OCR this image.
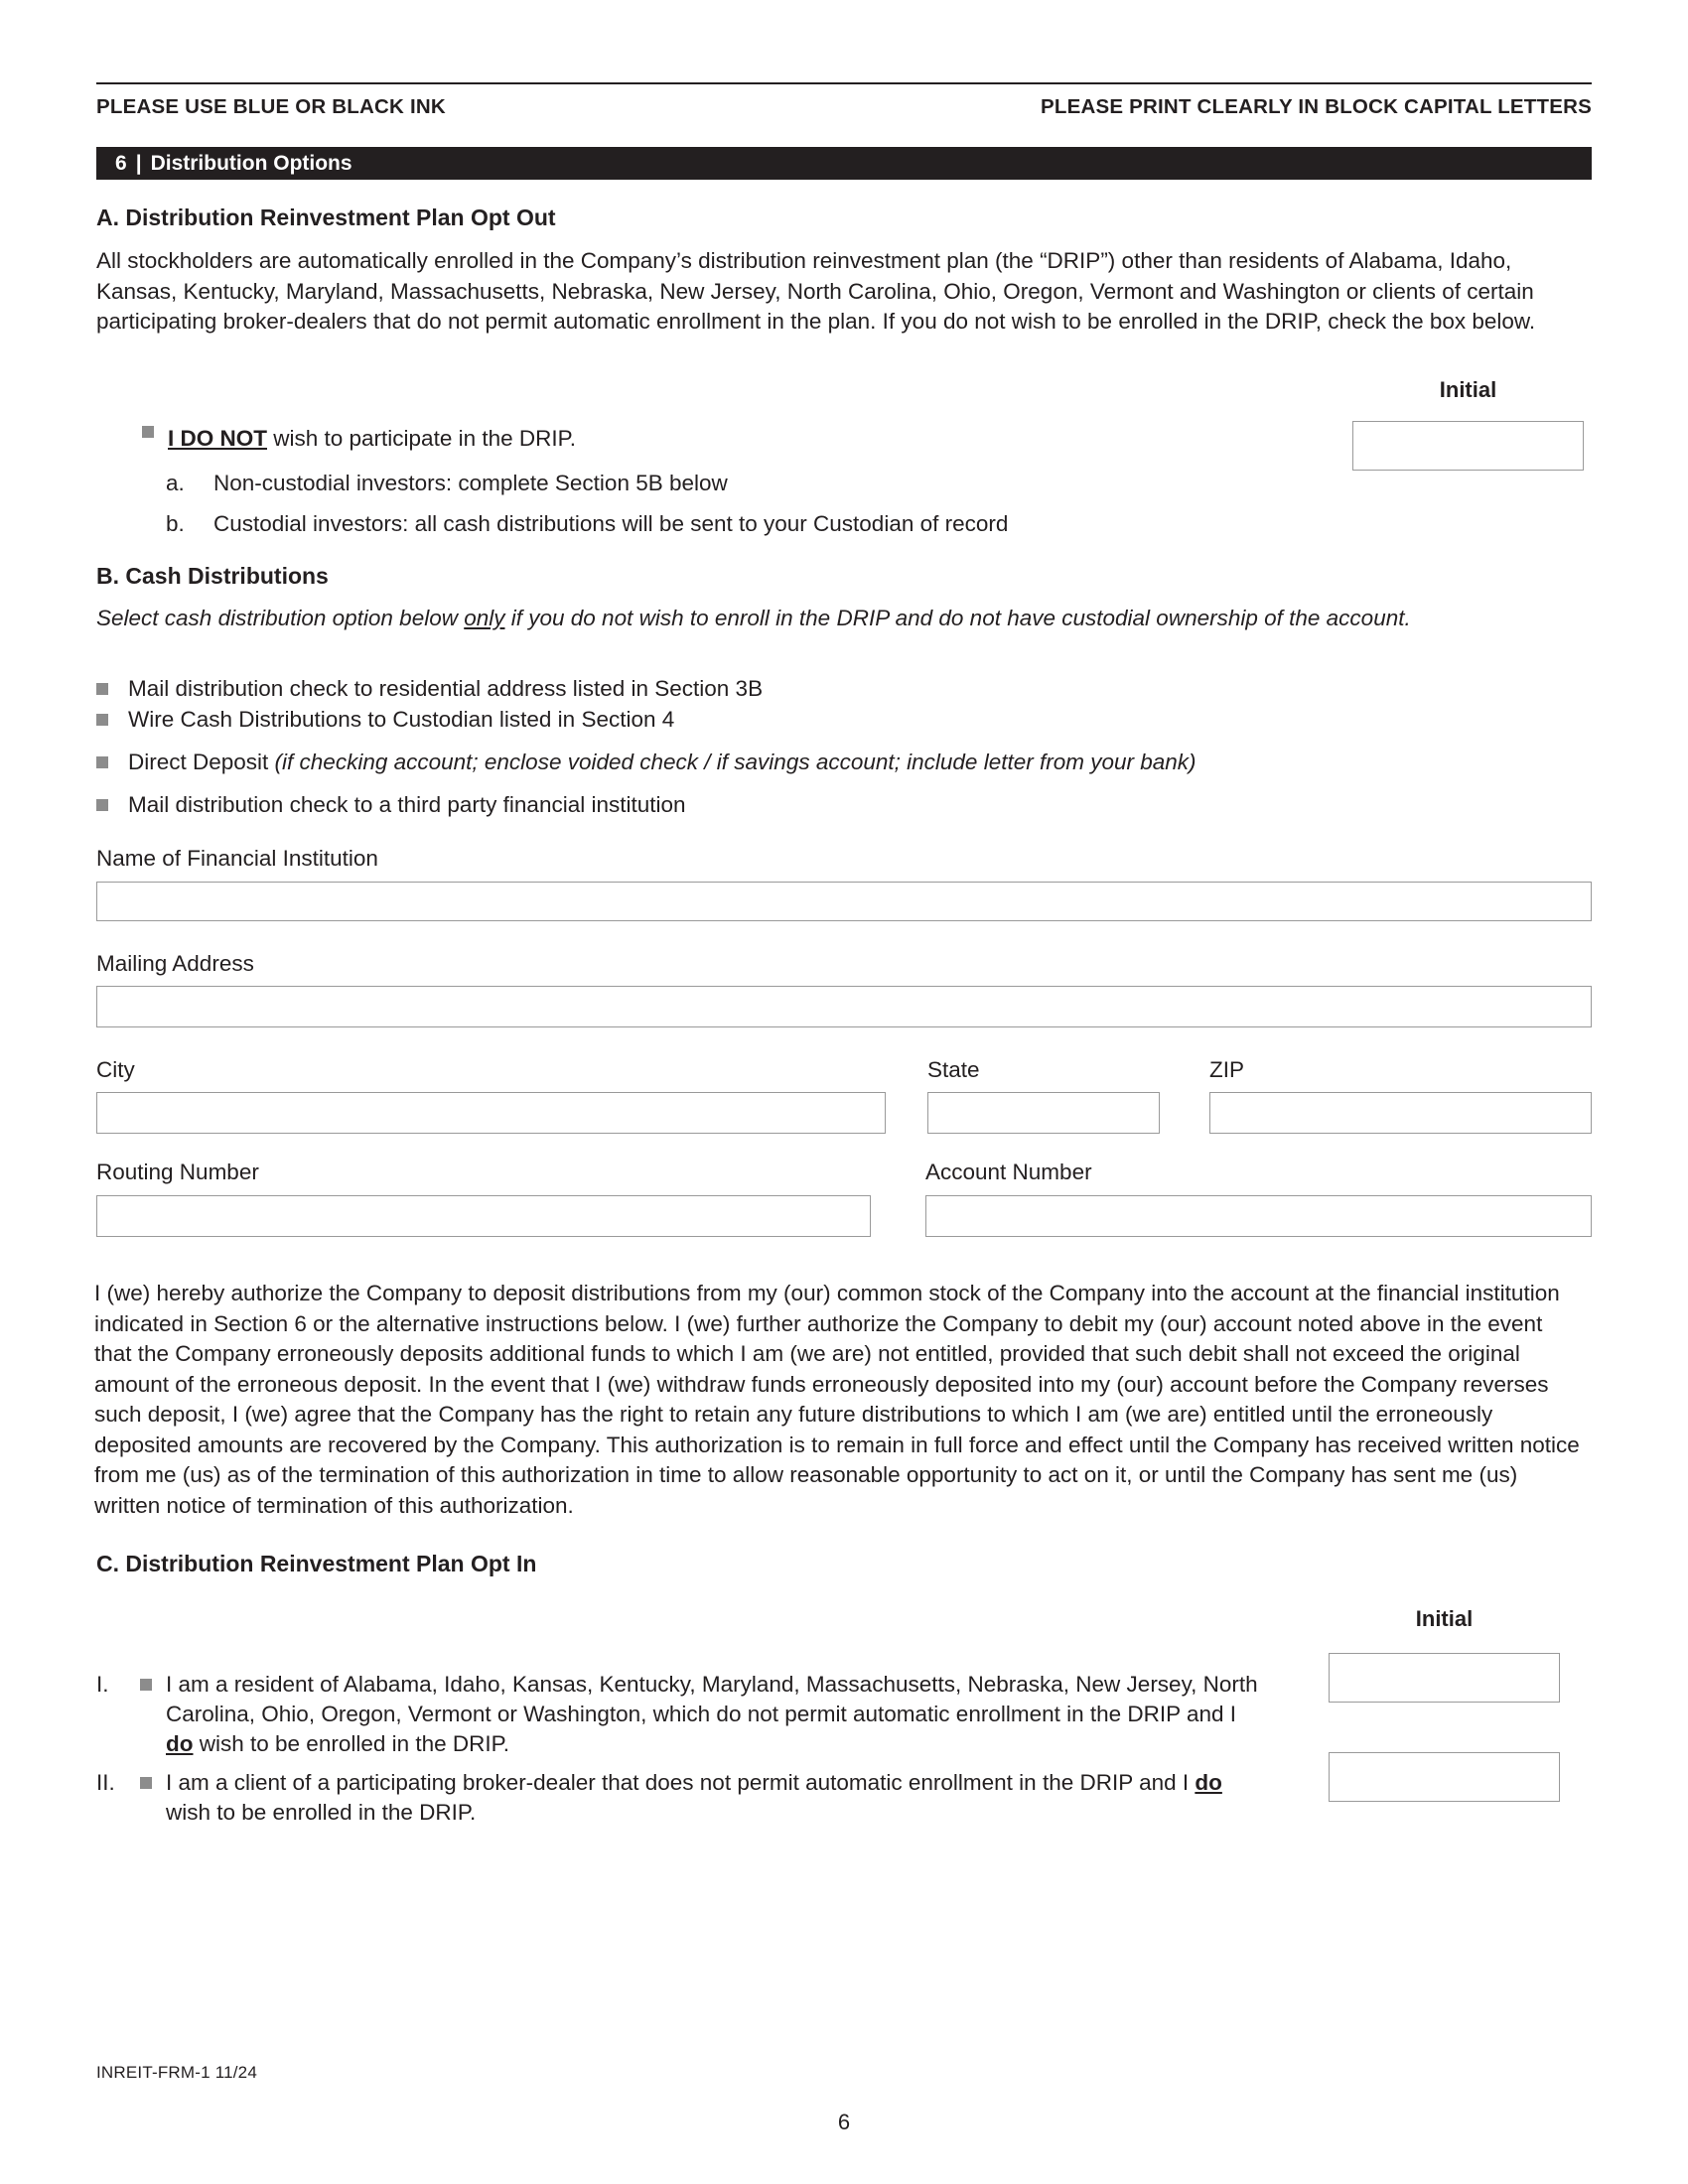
PLEASE USE BLUE OR BLACK INK	PLEASE PRINT CLEARLY IN BLOCK CAPITAL LETTERS
6 | Distribution Options
A. Distribution Reinvestment Plan Opt Out
All stockholders are automatically enrolled in the Company’s distribution reinvestment plan (the “DRIP”) other than residents of Alabama, Idaho, Kansas, Kentucky, Maryland, Massachusetts, Nebraska, New Jersey, North Carolina, Ohio, Oregon, Vermont and Washington or clients of certain participating broker-dealers that do not permit automatic enrollment in the plan. If you do not wish to be enrolled in the DRIP, check the box below.
Initial
I DO NOT wish to participate in the DRIP.
a.	Non-custodial investors: complete Section 5B below
b.	Custodial investors: all cash distributions will be sent to your Custodian of record
B. Cash Distributions
Select cash distribution option below only if you do not wish to enroll in the DRIP and do not have custodial ownership of the account.
Mail distribution check to residential address listed in Section 3B
Wire Cash Distributions to Custodian listed in Section 4
Direct Deposit (if checking account; enclose voided check / if savings account; include letter from your bank)
Mail distribution check to a third party financial institution
Name of Financial Institution
Mailing Address
City	State	ZIP
Routing Number	Account Number
I (we) hereby authorize the Company to deposit distributions from my (our) common stock of the Company into the account at the financial institution indicated in Section 6 or the alternative instructions below. I (we) further authorize the Company to debit my (our) account noted above in the event that the Company erroneously deposits additional funds to which I am (we are) not entitled, provided that such debit shall not exceed the original amount of the erroneous deposit. In the event that I (we) withdraw funds erroneously deposited into my (our) account before the Company reverses such deposit, I (we) agree that the Company has the right to retain any future distributions to which I am (we are) entitled until the erroneously deposited amounts are recovered by the Company. This authorization is to remain in full force and effect until the Company has received written notice from me (us) as of the termination of this authorization in time to allow reasonable opportunity to act on it, or until the Company has sent me (us) written notice of termination of this authorization.
C. Distribution Reinvestment Plan Opt In
Initial
I.	I am a resident of Alabama, Idaho, Kansas, Kentucky, Maryland, Massachusetts, Nebraska, New Jersey, North Carolina, Ohio, Oregon, Vermont or Washington, which do not permit automatic enrollment in the DRIP and I do wish to be enrolled in the DRIP.
II.	I am a client of a participating broker-dealer that does not permit automatic enrollment in the DRIP and I do wish to be enrolled in the DRIP.
INREIT-FRM-1 11/24
6
